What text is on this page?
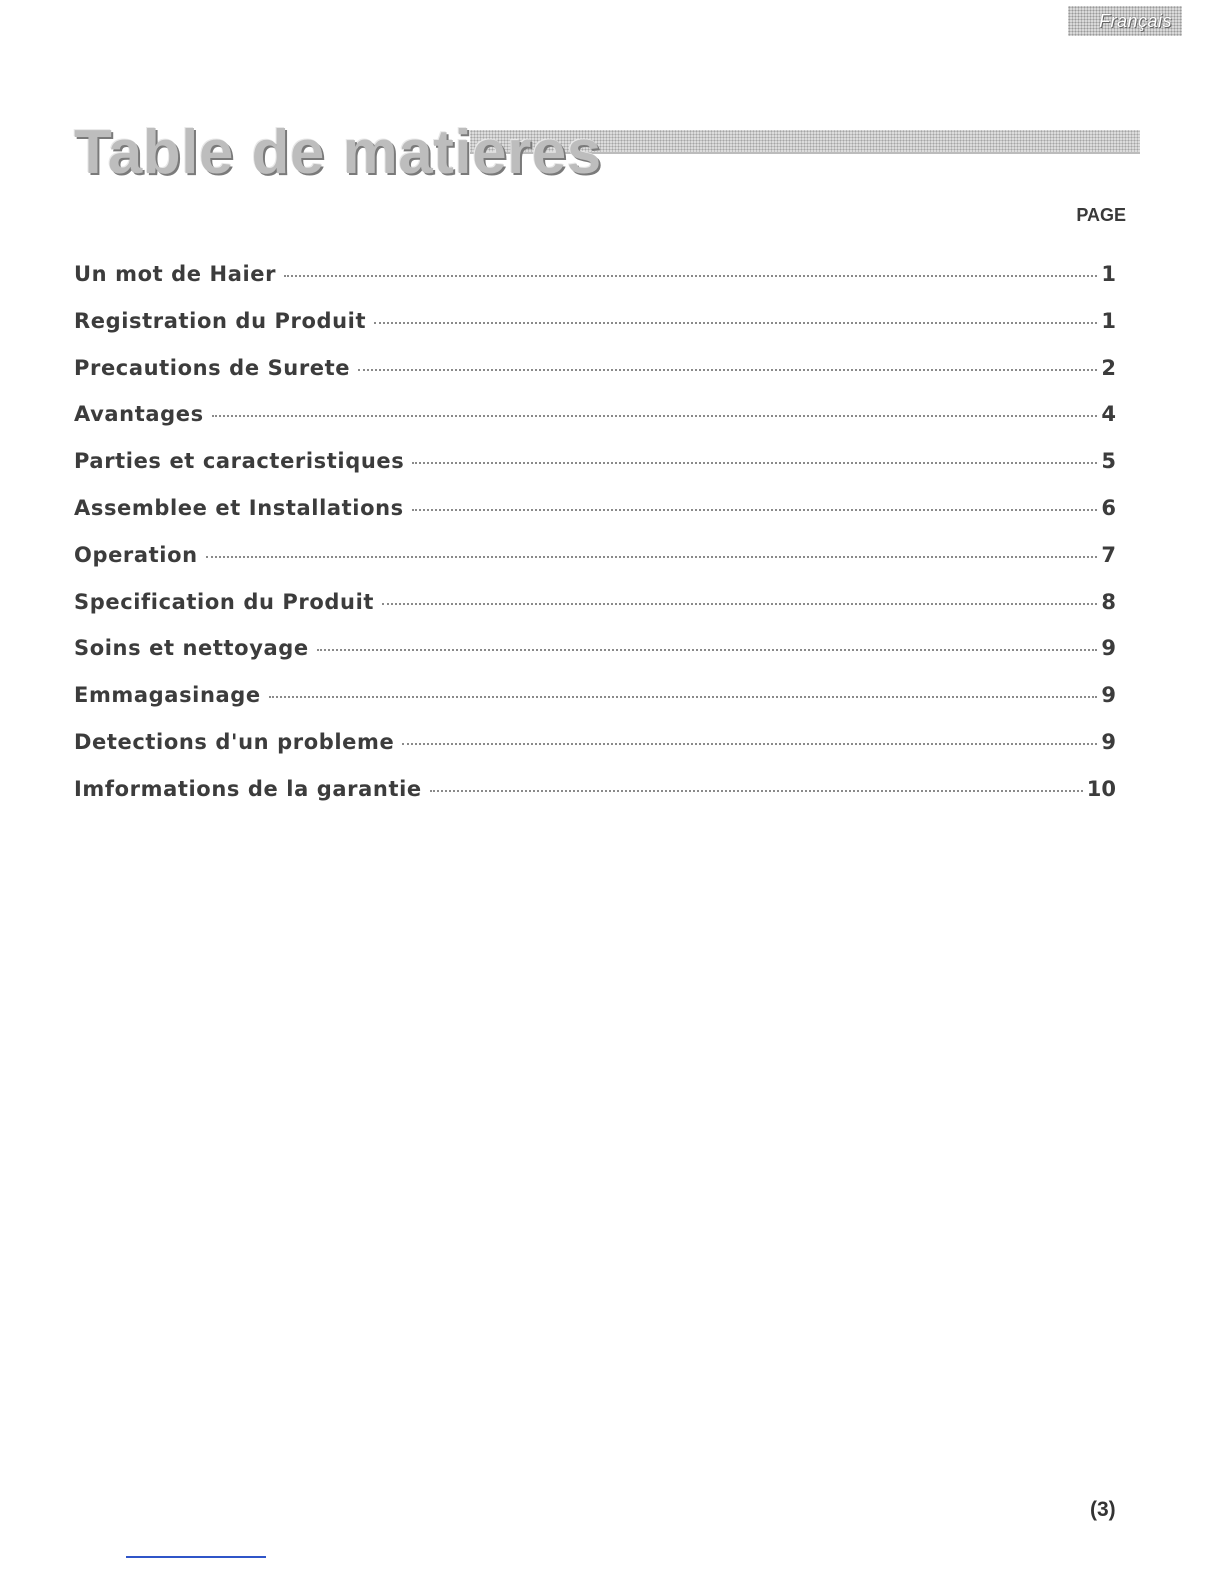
Français
Table de matieres
PAGE
Un mot de Haier	1
Registration du Produit	1
Precautions de Surete	2
Avantages	4
Parties et caracteristiques	5
Assemblee et Installations	6
Operation	7
Specification du Produit	8
Soins et nettoyage	9
Emmagasinage	9
Detections d'un probleme	9
Imformations de la garantie	10
(3)
